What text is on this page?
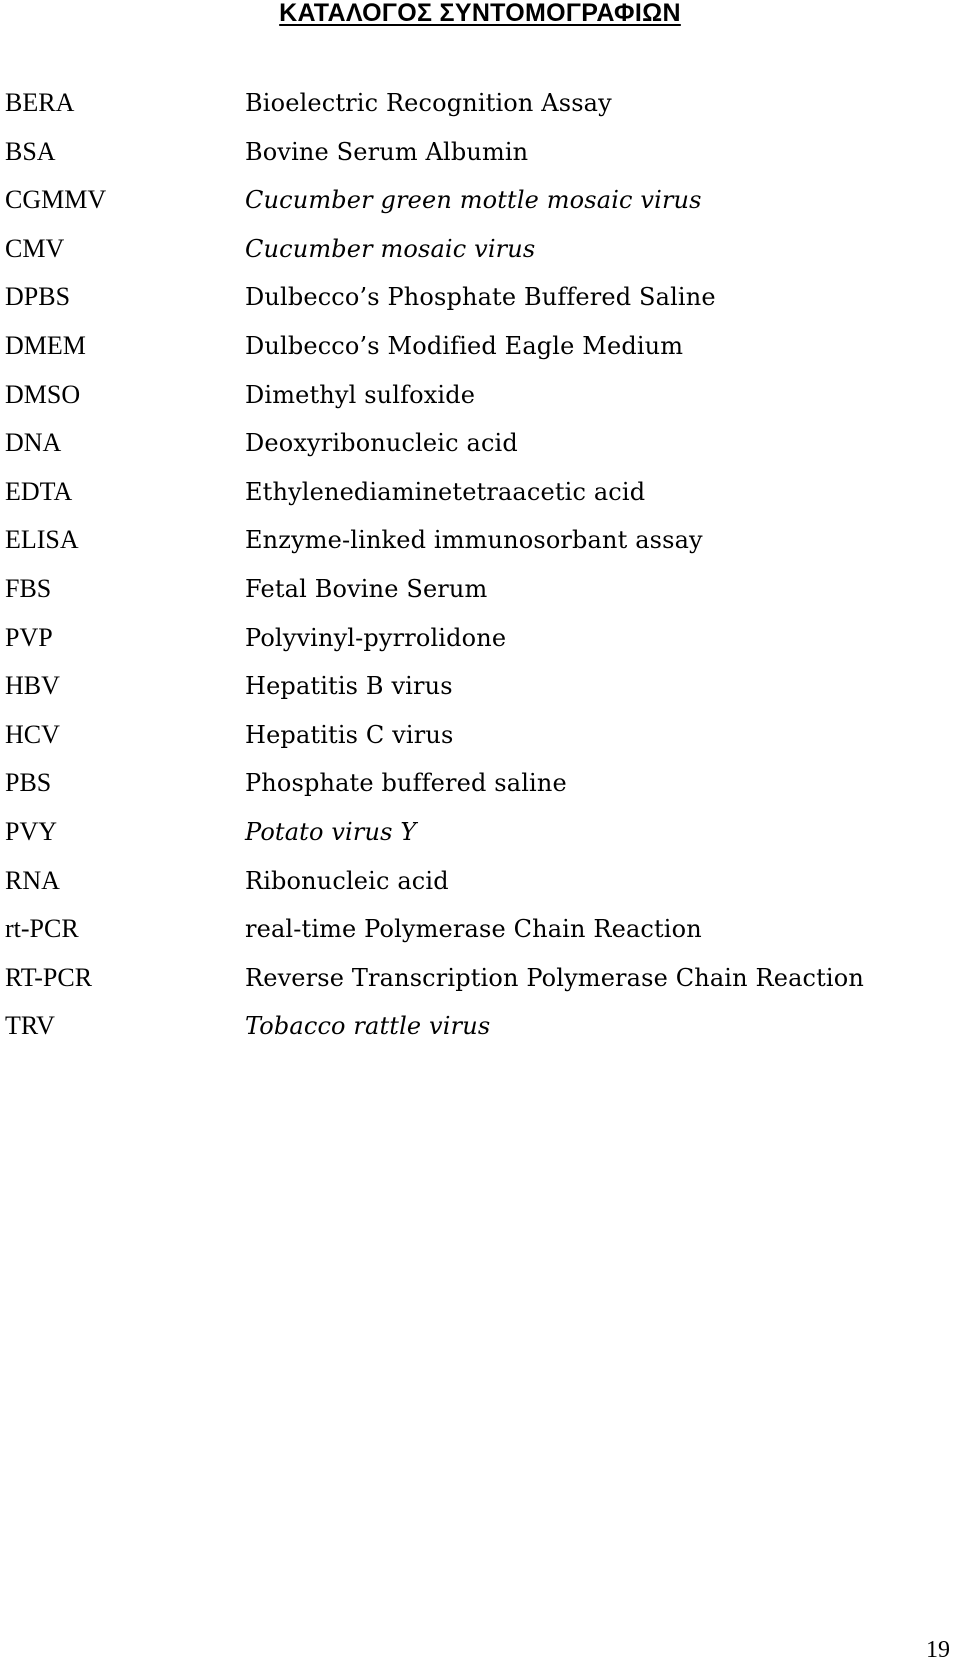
ΚΑΤΑΛΟΓΟΣ ΣΥΝΤΟΜΟΓΡΑΦΙΩΝ
BERA	Bioelectric Recognition Assay
BSA	Bovine Serum Albumin
CGMMV	Cucumber green mottle mosaic virus
CMV	Cucumber mosaic virus
DPBS	Dulbecco’s Phosphate Buffered Saline
DMEM	Dulbecco’s Modified Eagle Medium
DMSO	Dimethyl sulfoxide
DNA	Deoxyribonucleic acid
EDTA	Ethylenediaminetetraacetic acid
ELISA	Enzyme-linked immunosorbant assay
FBS	Fetal Bovine Serum
PVP	Polyvinyl-pyrrolidone
HBV	Hepatitis B virus
HCV	Hepatitis C virus
PBS	Phosphate buffered saline
PVY	Potato virus Y
RNA	Ribonucleic acid
rt-PCR	real-time Polymerase Chain Reaction
RT-PCR	Reverse Transcription Polymerase Chain Reaction
TRV	Tobacco rattle virus
19
